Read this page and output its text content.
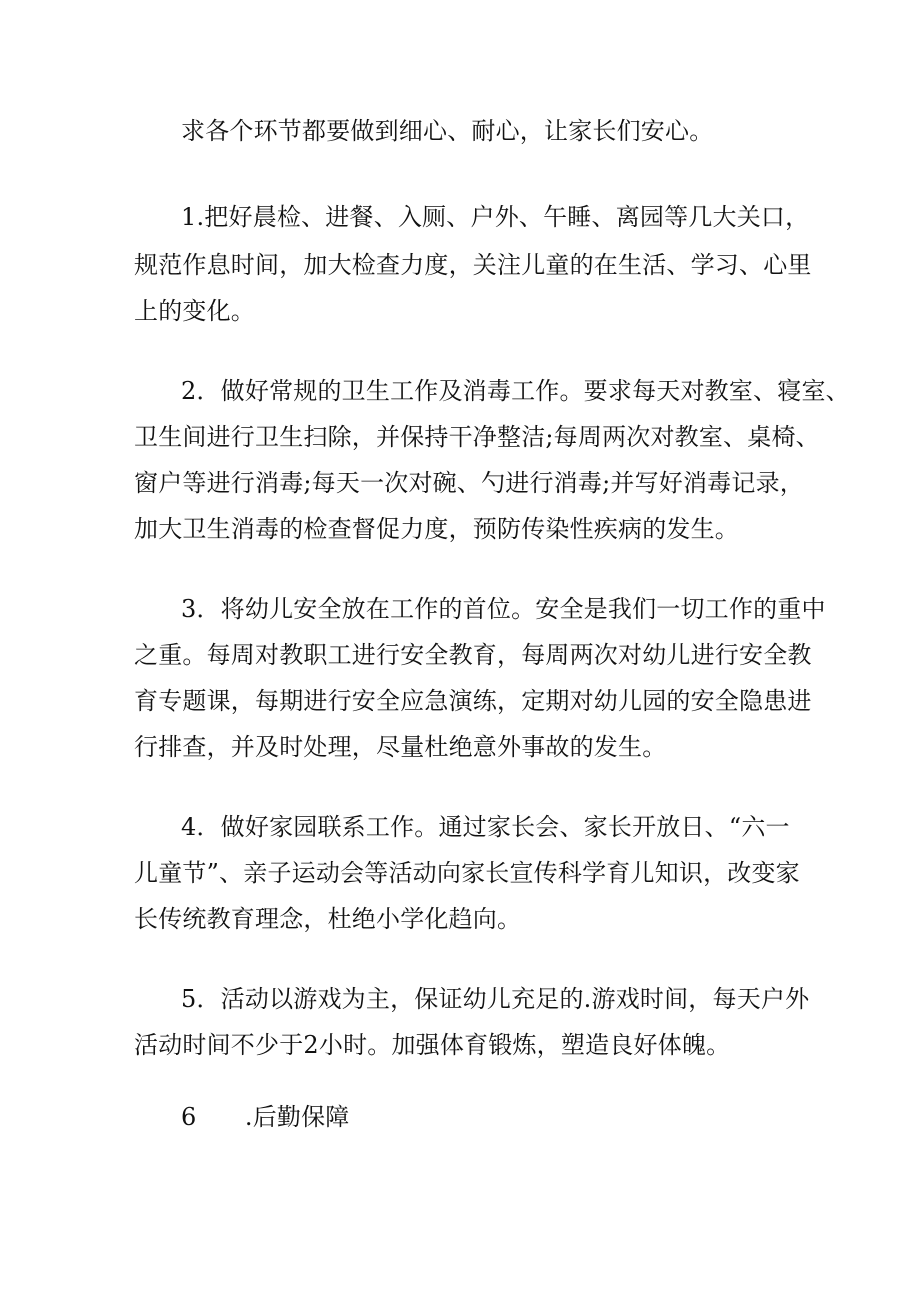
求各个环节都要做到细心、耐心，让家长们安心。
1.把好晨检、进餐、入厕、户外、午睡、离园等几大关口，
规范作息时间，加大检查力度，关注儿童的在生活、学习、心里
上的变化。
2．做好常规的卫生工作及消毒工作。要求每天对教室、寝室、
卫生间进行卫生扫除，并保持干净整洁;每周两次对教室、桌椅、
窗户等进行消毒;每天一次对碗、勺进行消毒;并写好消毒记录，
加大卫生消毒的检查督促力度，预防传染性疾病的发生。
3．将幼儿安全放在工作的首位。安全是我们一切工作的重中
之重。每周对教职工进行安全教育，每周两次对幼儿进行安全教
育专题课，每期进行安全应急演练，定期对幼儿园的安全隐患进
行排查，并及时处理，尽量杜绝意外事故的发生。
4．做好家园联系工作。通过家长会、家长开放日、“六一
儿童节”、亲子运动会等活动向家长宣传科学育儿知识，改变家
长传统教育理念，杜绝小学化趋向。
5．活动以游戏为主，保证幼儿充足的.游戏时间，每天户外
活动时间不少于2小时。加强体育锻炼，塑造良好体魄。
6　　.后勤保障
